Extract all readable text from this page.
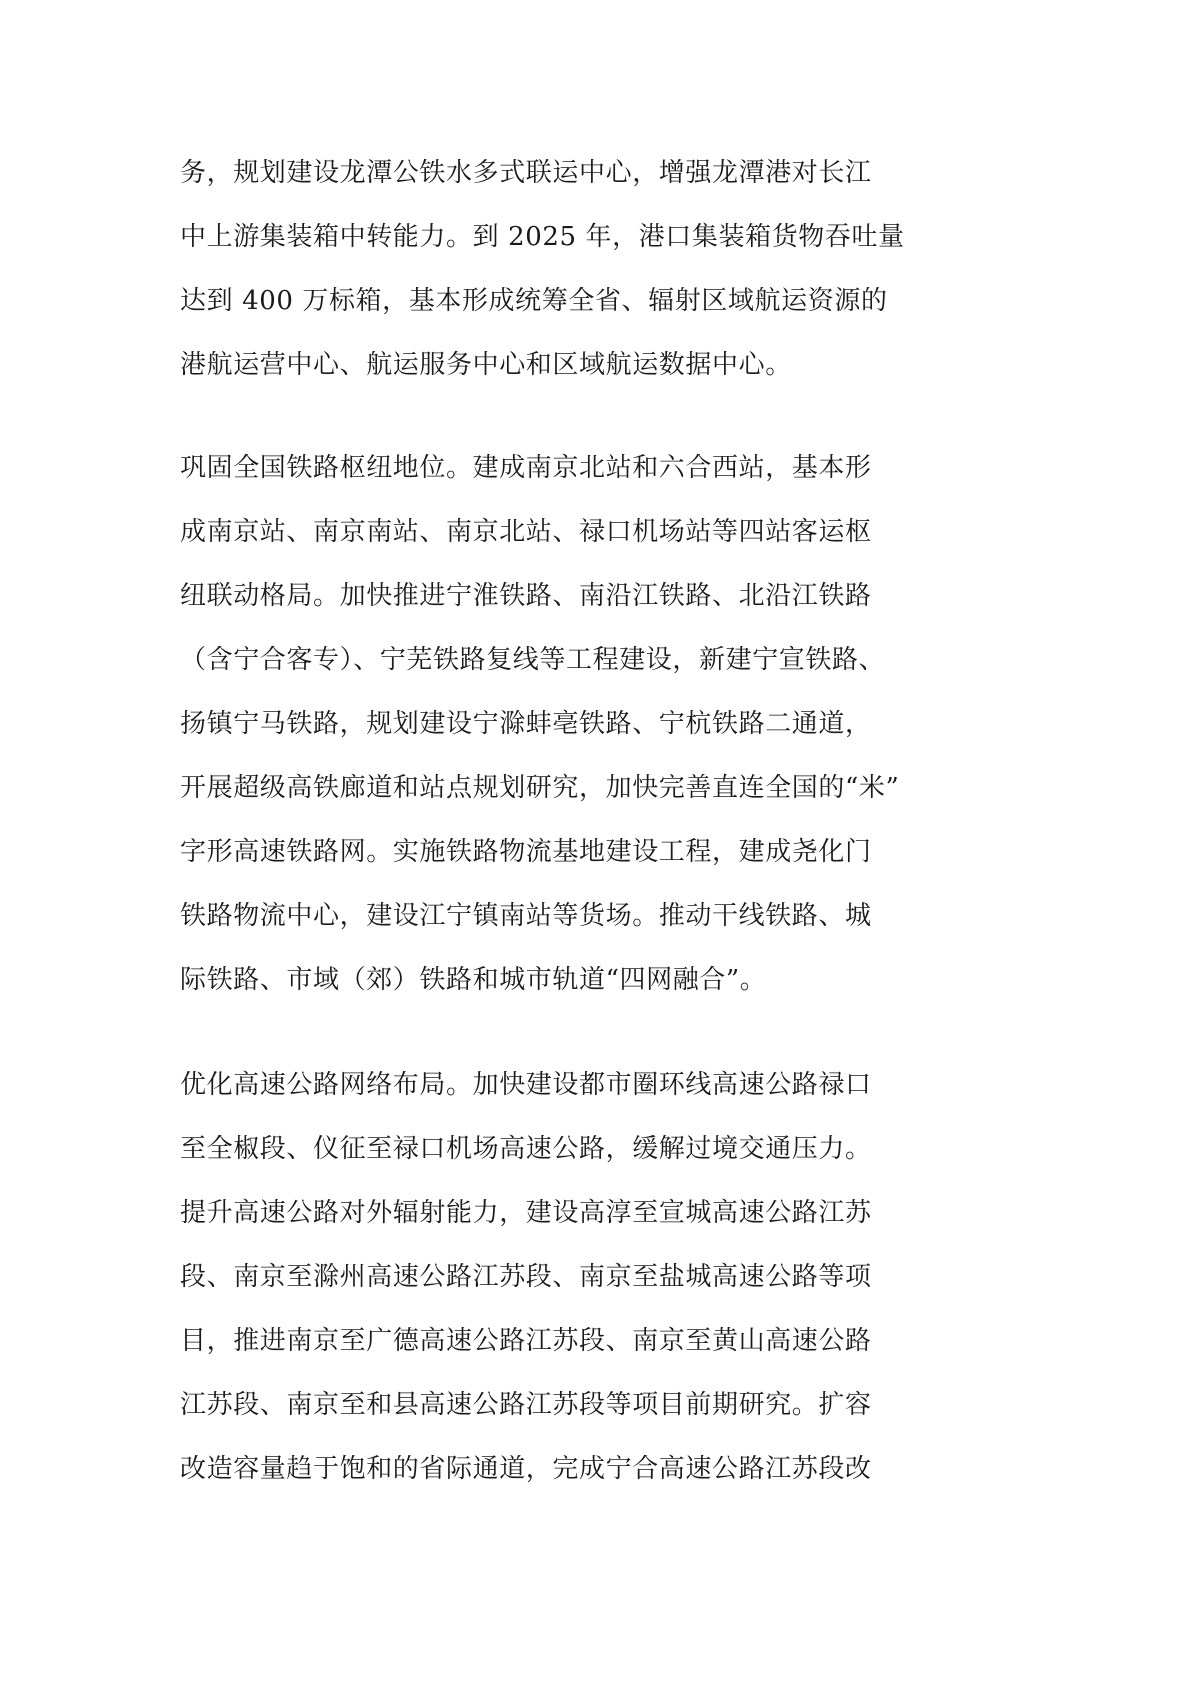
务，规划建设龙潭公铁水多式联运中心，增强龙潭港对长江
中上游集装箱中转能力。到 2025 年，港口集装箱货物吞吐量
达到 400 万标箱，基本形成统筹全省、辐射区域航运资源的
港航运营中心、航运服务中心和区域航运数据中心。
巩固全国铁路枢纽地位。建成南京北站和六合西站，基本形
成南京站、南京南站、南京北站、禄口机场站等四站客运枢
纽联动格局。加快推进宁淮铁路、南沿江铁路、北沿江铁路
（含宁合客专）、宁芜铁路复线等工程建设，新建宁宣铁路、
扬镇宁马铁路，规划建设宁滁蚌亳铁路、宁杭铁路二通道，
开展超级高铁廊道和站点规划研究，加快完善直连全国的“米”
字形高速铁路网。实施铁路物流基地建设工程，建成尧化门
铁路物流中心，建设江宁镇南站等货场。推动干线铁路、城
际铁路、市域（郊）铁路和城市轨道“四网融合”。
优化高速公路网络布局。加快建设都市圈环线高速公路禄口
至全椒段、仪征至禄口机场高速公路，缓解过境交通压力。
提升高速公路对外辐射能力，建设高淳至宣城高速公路江苏
段、南京至滁州高速公路江苏段、南京至盐城高速公路等项
目，推进南京至广德高速公路江苏段、南京至黄山高速公路
江苏段、南京至和县高速公路江苏段等项目前期研究。扩容
改造容量趋于饱和的省际通道，完成宁合高速公路江苏段改
